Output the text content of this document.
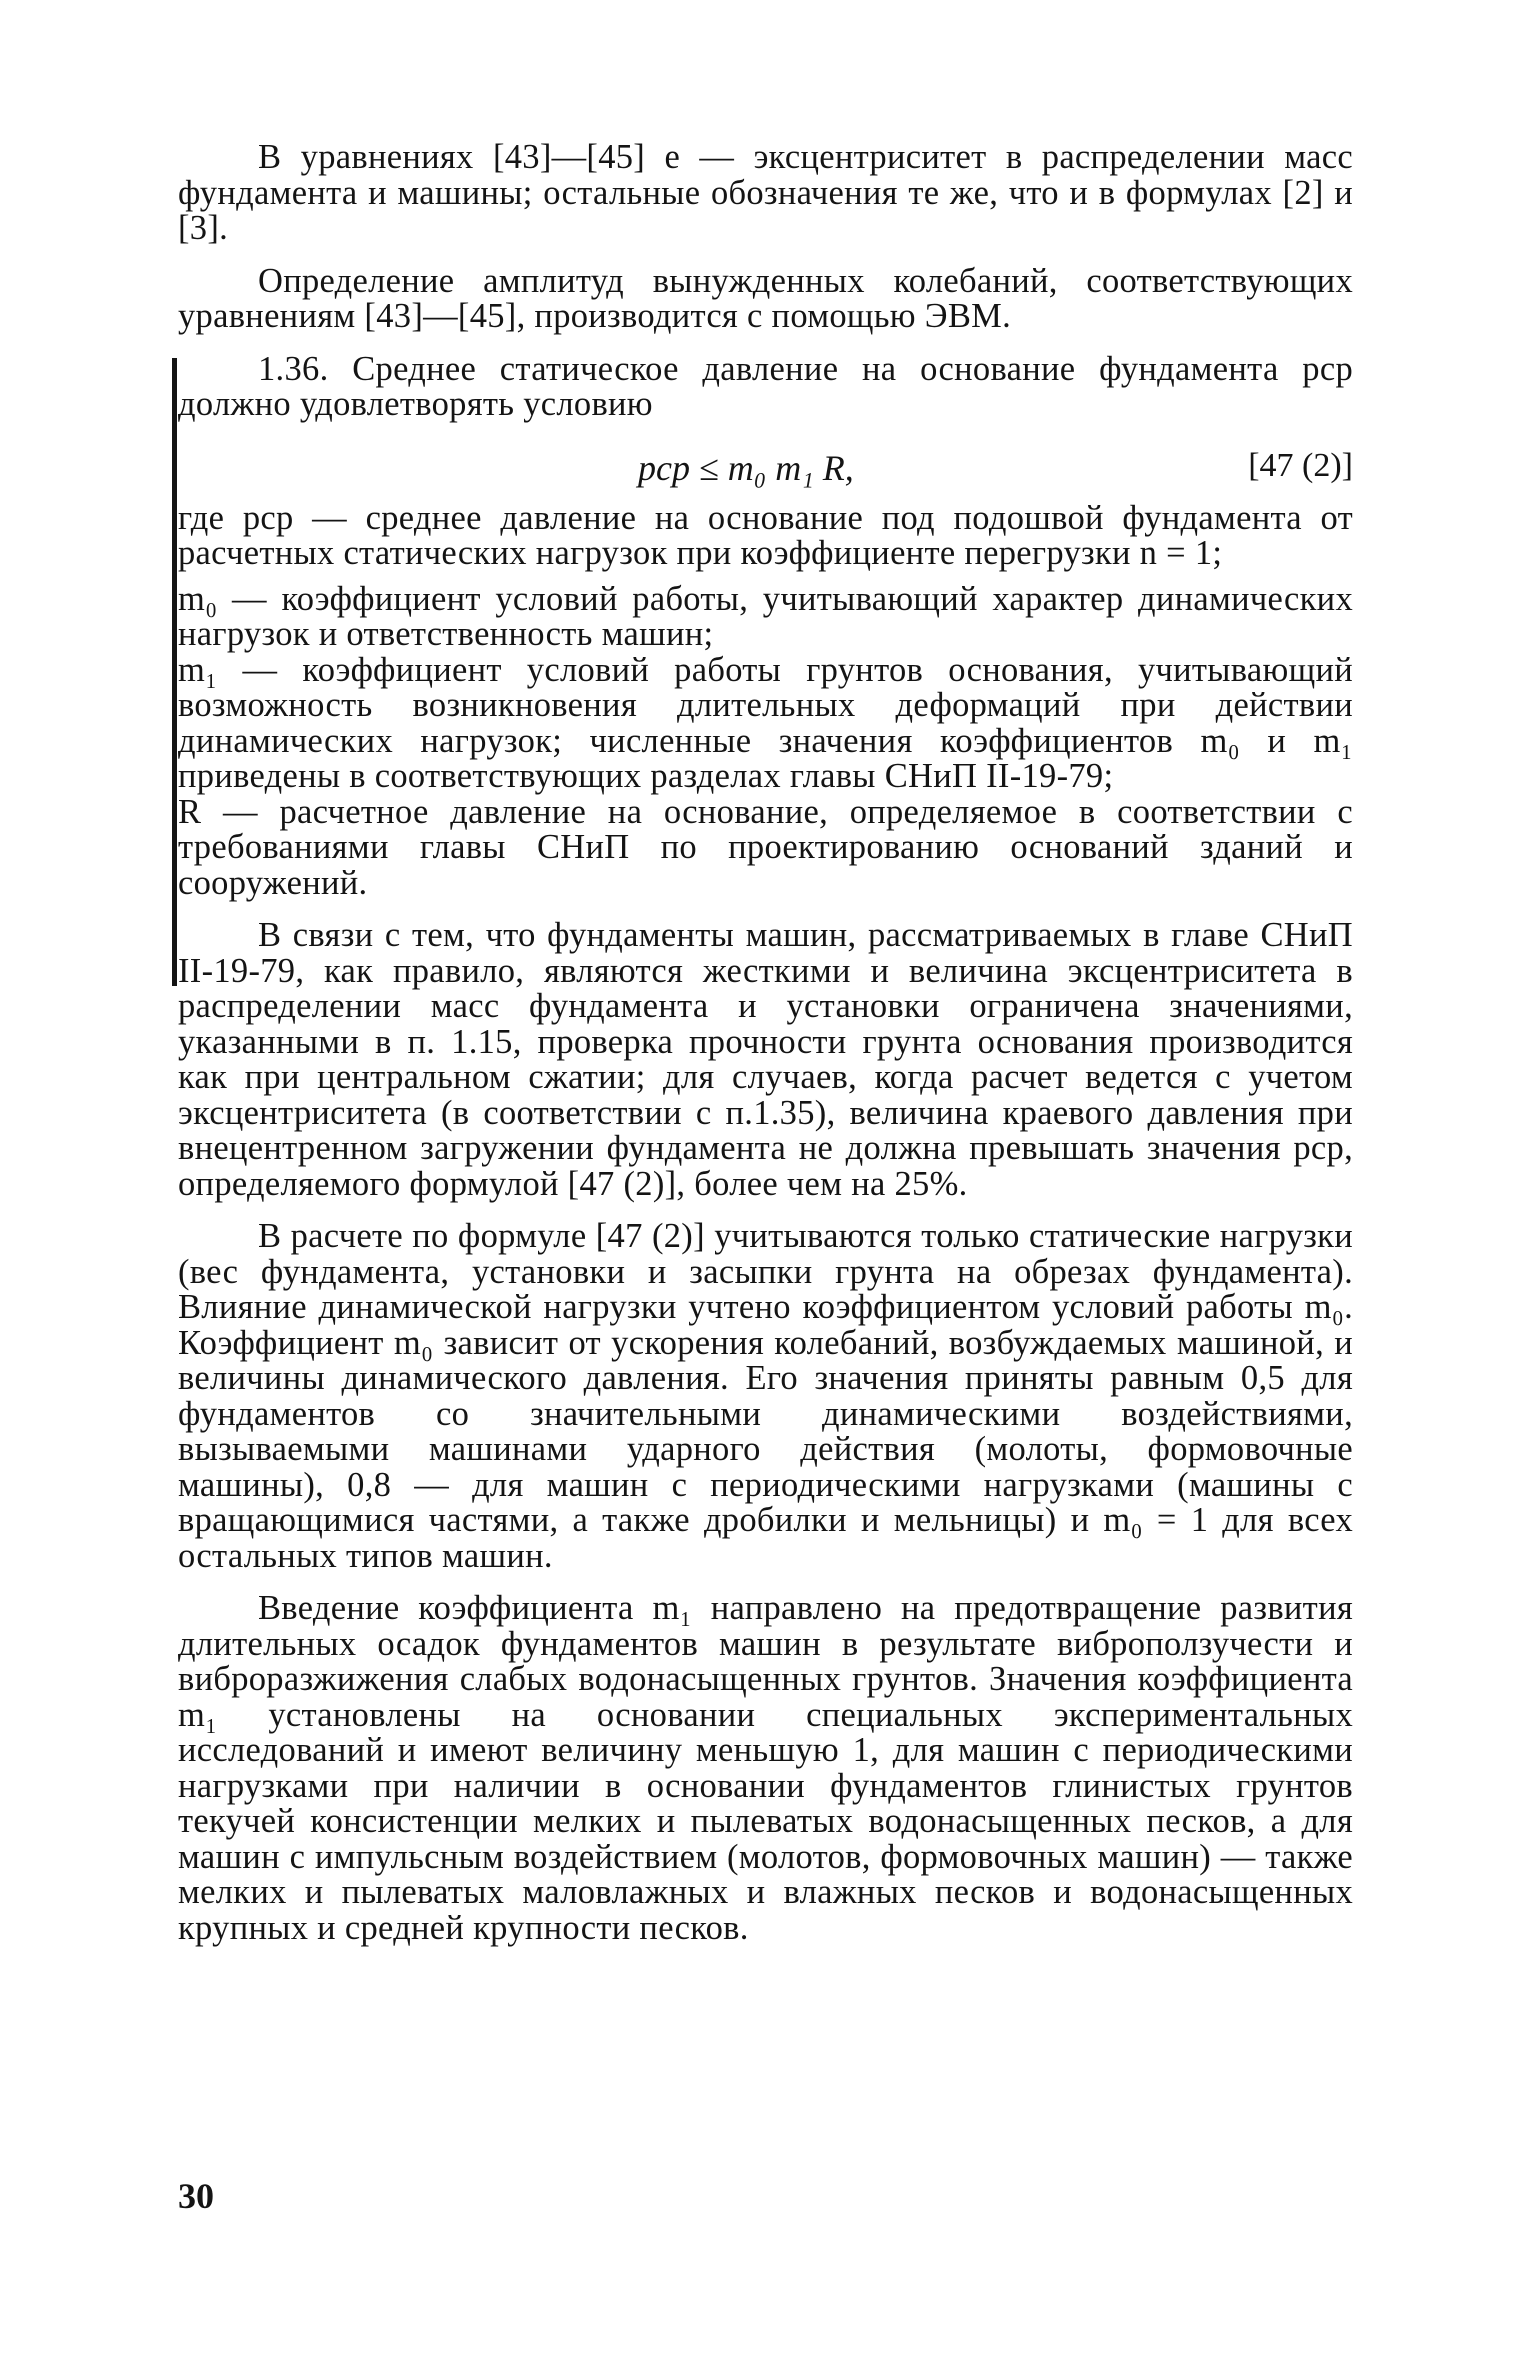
В уравнениях [43]—[45] e — эксцентриситет в распределении масс фундамента и машины; остальные обозначения те же, что и в формулах [2] и [3].

Определение амплитуд вынужденных колебаний, соответствующих уравнениям [43]—[45], производится с помощью ЭВМ.

1.36. Среднее статическое давление на основание фундамента pср должно удовлетворять условию

pср ≤ m₀ m₁ R,	[47 (2)]

где pср — среднее давление на основание под подошвой фундамента от расчетных статических нагрузок при коэффициенте перегрузки n = 1;

m₀ — коэффициент условий работы, учитывающий характер динамических нагрузок и ответственность машин;

m₁ — коэффициент условий работы грунтов основания, учитывающий возможность возникновения длительных деформаций при действии динамических нагрузок; численные значения коэффициентов m₀ и m₁ приведены в соответствующих разделах главы СНиП II-19-79;

R — расчетное давление на основание, определяемое в соответствии с требованиями главы СНиП по проектированию оснований зданий и сооружений.

В связи с тем, что фундаменты машин, рассматриваемых в главе СНиП II-19-79, как правило, являются жесткими и величина эксцентриситета в распределении масс фундамента и установки ограничена значениями, указанными в п. 1.15, проверка прочности грунта основания производится как при центральном сжатии; для случаев, когда расчет ведется с учетом эксцентриситета (в соответствии с п.1.35), величина краевого давления при внецентренном загружении фундамента не должна превышать значения pср, определяемого формулой [47 (2)], более чем на 25%.

В расчете по формуле [47 (2)] учитываются только статические нагрузки (вес фундамента, установки и засыпки грунта на обрезах фундамента). Влияние динамической нагрузки учтено коэффициентом условий работы m₀. Коэффициент m₀ зависит от ускорения колебаний, возбуждаемых машиной, и величины динамического давления. Его значения приняты равным 0,5 для фундаментов со значительными динамическими воздействиями, вызываемыми машинами ударного действия (молоты, формовочные машины), 0,8 — для машин с периодическими нагрузками (машины с вращающимися частями, а также дробилки и мельницы) и m₀ = 1 для всех остальных типов машин.

Введение коэффициента m₁ направлено на предотвращение развития длительных осадок фундаментов машин в результате виброползучести и виброразжижения слабых водонасыщенных грунтов. Значения коэффициента m₁ установлены на основании специальных экспериментальных исследований и имеют величину меньшую 1, для машин с периодическими нагрузками при наличии в основании фундаментов глинистых грунтов текучей консистенции мелких и пылеватых водонасыщенных песков, а для машин с импульсным воздействием (молотов, формовочных машин) — также мелких и пылеватых маловлажных и влажных песков и водонасыщенных крупных и средней крупности песков.

30
